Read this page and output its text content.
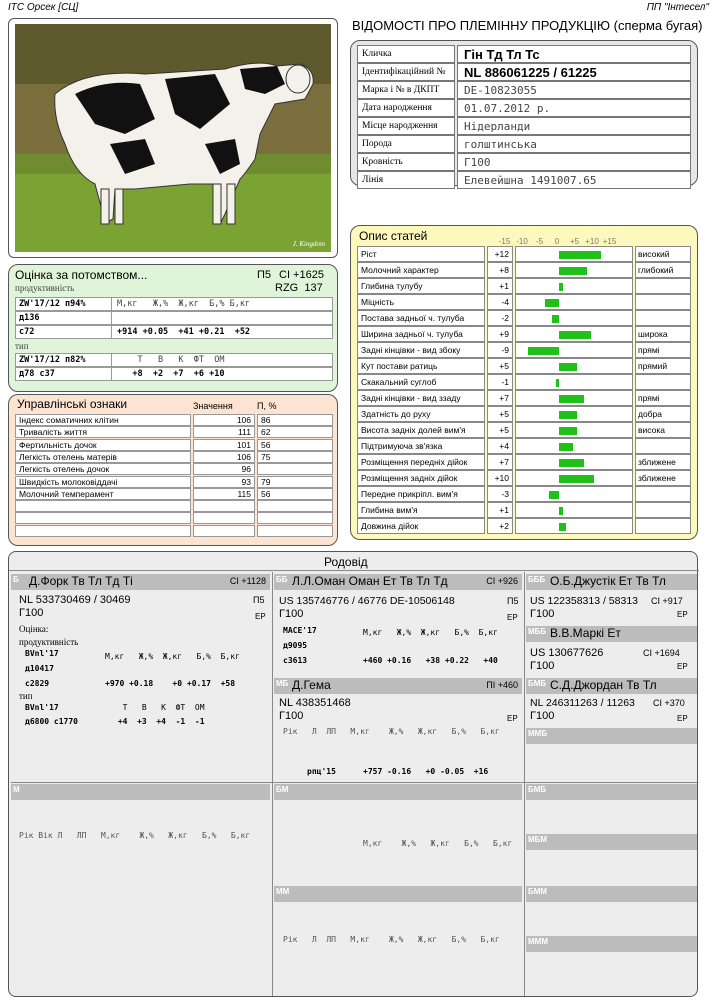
ІТС Орсек [СЦ]	ПП "Інтесел"
ВІДОМОСТІ ПРО ПЛЕМІННУ ПРОДУКЦІЮ (сперма бугая)
J. Kingdom
Кличка	Гін Тд Тл Тс
Ідентифікаційний №	NL 886061225 / 61225
Марка і № в ДКПТ	DE-10823055
Дата народження	01.07.2012 р.
Місце народження	Нідерланди
Порода	голштинська
Кровність	Г100
Лінія	Елевейшна 1491007.65
Опис статей
Ріст	+12	високий
Молочний характер	+8	глибокий
Глибина тулубу	+1
Міцність	-4
Постава задньої ч. тулуба	-2
Ширина задньої ч. тулуба	+9	широка
Задні кінцівки - вид збоку	-9	прямі
Кут постави ратиць	+5	прямий
Скакальний суглоб	-1
Задні кінцівки - вид ззаду	+7	прямі
Здатність до руху	+5	добра
Висота задніх долей вим'я	+5	висока
Підтримуюча зв'язка	+4
Розміщення передніх дійок	+7	зближене
Розміщення задніх дійок	+10	зближене
Передне прикріпл. вим'я	-3
Глибина вим'я	+1
Довжина дійок	+2
-15 -10	-5	0	+5 +10 +15
Оцінка за потомством...	П5 CI +1625
RZG  137
продуктивність
ZW'17/12 п94%	М,кг   Ж,%  Ж,кг  Б,% Б,кг
д136
с72	+914 +0.05  +41 +0.21  +52
тип
ZW'17/12 п82%	Т   В   К  ФТ  ОМ
д78 с37	+8  +2  +7  +6 +10
Управлінські ознаки	Значення	П, %
Індекс соматичних клітин	106	86
Тривалість життя	111	62
Фертильність дочок	101	56
Легкість отелень матерів	106	75
Легкість отелень дочок	96
Швидкість молоковіддачі	93	79
Молочний темперамент	115	56
Родовід
Б Д.Форк Тв Тл Тд Ті	CI +1128
NL 533730469 / 30469	П5
Г100	ЕР
Оцінка:
продуктивність
BVnl'17	М,кг   Ж,%  Ж,кг   Б,%  Б,кг
д10417
с2829	+970 +0.18    +0 +0.17  +58
тип
BVnl'17	Т   В   К  ФТ  ОМ
д6800 с1770	+4  +3  +4  -1  -1
ББ Л.Л.Оман Оман Ет Тв Тл Тд	CI +926
US 135746776 / 46776 DE-10506148	П5
Г100	ЕР
MACE'17	М,кг   Ж,%  Ж,кг   Б,%  Б,кг
д9095
с3613	+460 +0.16   +38 +0.22   +40
МБ Д.Гема	ПІ +460
NL 438351468
Г100	ЕР
Рік   Л  ЛП   М,кг    Ж,%   Ж,кг   Б,%   Б,кг
рпц'15	+757 -0.16   +0 -0.05  +16
БББ О.Б.Джустік Ет Тв Тл
US 122358313 / 58313 CI +917
Г100	ЕР
МББ В.В.Маркі Ет
US 130677626	CI +1694
Г100	ЕР
БМБ С.Д.Джордан Тв Тл
NL 246311263 / 11263 CI +370
Г100	ЕР
ММБ
М
Рік Вік Л   ЛП   М,кг    Ж,%   Ж,кг   Б,%   Б,кг
БМ
М,кг    Ж,%   Ж,кг   Б,%   Б,кг
ММ
Рік   Л  ЛП   М,кг    Ж,%   Ж,кг   Б,%   Б,кг
БМБ
МБМ
БММ
МММ
